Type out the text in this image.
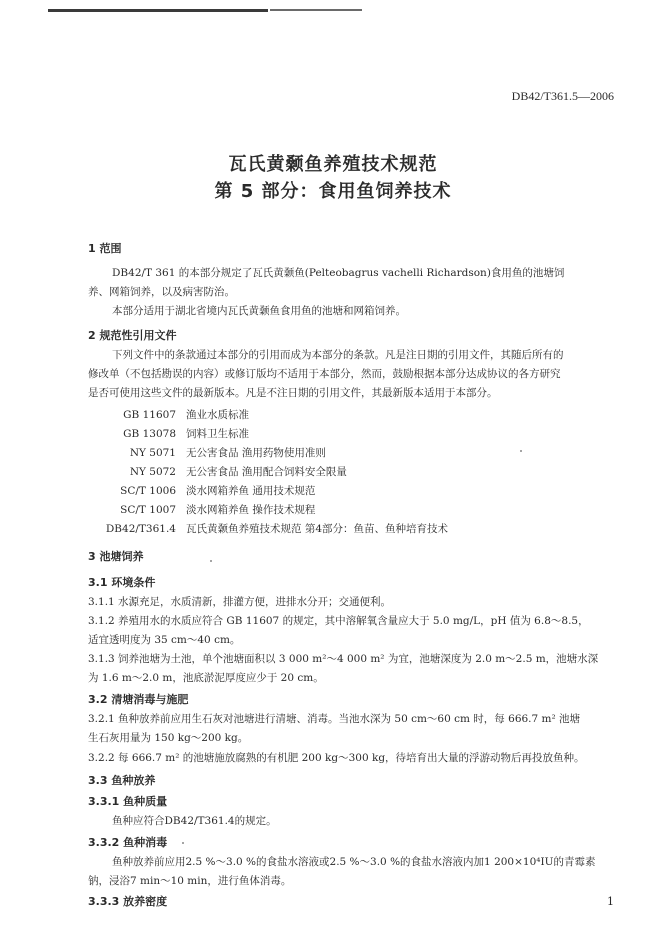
DB42/T361.5—2006
瓦氏黄颡鱼养殖技术规范
第 5 部分：食用鱼饲养技术
1 范围
DB42/T 361 的本部分规定了瓦氏黄颡鱼(Pelteobagrus vachelli Richardson)食用鱼的池塘饲
养、网箱饲养，以及病害防治。
本部分适用于湖北省境内瓦氏黄颡鱼食用鱼的池塘和网箱饲养。
2 规范性引用文件
下列文件中的条款通过本部分的引用而成为本部分的条款。凡是注日期的引用文件，其随后所有的
修改单（不包括勘误的内容）或修订版均不适用于本部分，然而，鼓励根据本部分达成协议的各方研究
是否可使用这些文件的最新版本。凡是不注日期的引用文件，其最新版本适用于本部分。
GB 11607 渔业水质标准
GB 13078 饲料卫生标准
NY 5071 无公害食品 渔用药物使用准则
NY 5072 无公害食品 渔用配合饲料安全限量
SC/T 1006 淡水网箱养鱼 通用技术规范
SC/T 1007 淡水网箱养鱼 操作技术规程
DB42/T361.4 瓦氏黄颡鱼养殖技术规范 第4部分：鱼苗、鱼种培育技术
3 池塘饲养
3.1 环境条件
3.1.1 水源充足，水质清新，排灌方便，进排水分开；交通便利。
3.1.2 养殖用水的水质应符合 GB 11607 的规定，其中溶解氧含量应大于 5.0 mg/L，pH 值为 6.8～8.5，
适宜透明度为 35 cm～40 cm。
3.1.3 饲养池塘为土池，单个池塘面积以 3 000 m²～4 000 m² 为宜，池塘深度为 2.0 m～2.5 m，池塘水深
为 1.6 m～2.0 m，池底淤泥厚度应少于 20 cm。
3.2 清塘消毒与施肥
3.2.1 鱼种放养前应用生石灰对池塘进行清塘、消毒。当池水深为 50 cm～60 cm 时，每 666.7 m² 池塘
生石灰用量为 150 kg～200 kg。
3.2.2 每 666.7 m² 的池塘施放腐熟的有机肥 200 kg～300 kg，待培育出大量的浮游动物后再投放鱼种。
3.3 鱼种放养
3.3.1 鱼种质量
鱼种应符合DB42/T361.4的规定。
3.3.2 鱼种消毒
鱼种放养前应用2.5 %～3.0 %的食盐水溶液或2.5 %～3.0 %的食盐水溶液内加1 200×10⁴IU的青霉素
钠，浸浴7 min～10 min，进行鱼体消毒。
3.3.3 放养密度	1
